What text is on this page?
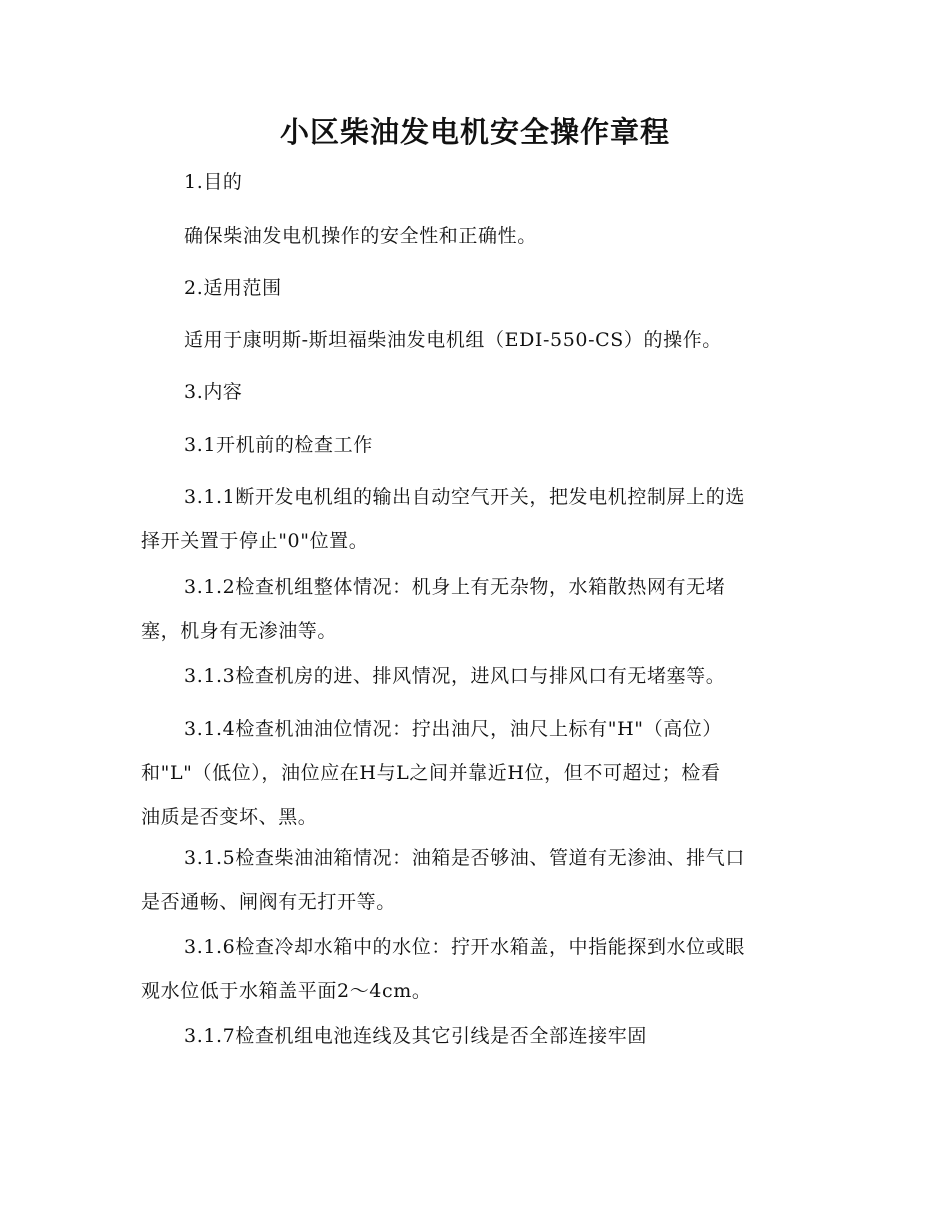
小区柴油发电机安全操作章程
1.目的
确保柴油发电机操作的安全性和正确性。
2.适用范围
适用于康明斯-斯坦福柴油发电机组（EDI-550-CS）的操作。
3.内容
3.1开机前的检查工作
3.1.1断开发电机组的输出自动空气开关，把发电机控制屏上的选
择开关置于停止"0"位置。
3.1.2检查机组整体情况：机身上有无杂物，水箱散热网有无堵
塞，机身有无渗油等。
3.1.3检查机房的进、排风情况，进风口与排风口有无堵塞等。
3.1.4检查机油油位情况：拧出油尺，油尺上标有"H"（高位）
和"L"（低位），油位应在H与L之间并靠近H位，但不可超过；检看
油质是否变坏、黑。
3.1.5检查柴油油箱情况：油箱是否够油、管道有无渗油、排气口
是否通畅、闸阀有无打开等。
3.1.6检查冷却水箱中的水位：拧开水箱盖，中指能探到水位或眼
观水位低于水箱盖平面2～4cm。
3.1.7检查机组电池连线及其它引线是否全部连接牢固
